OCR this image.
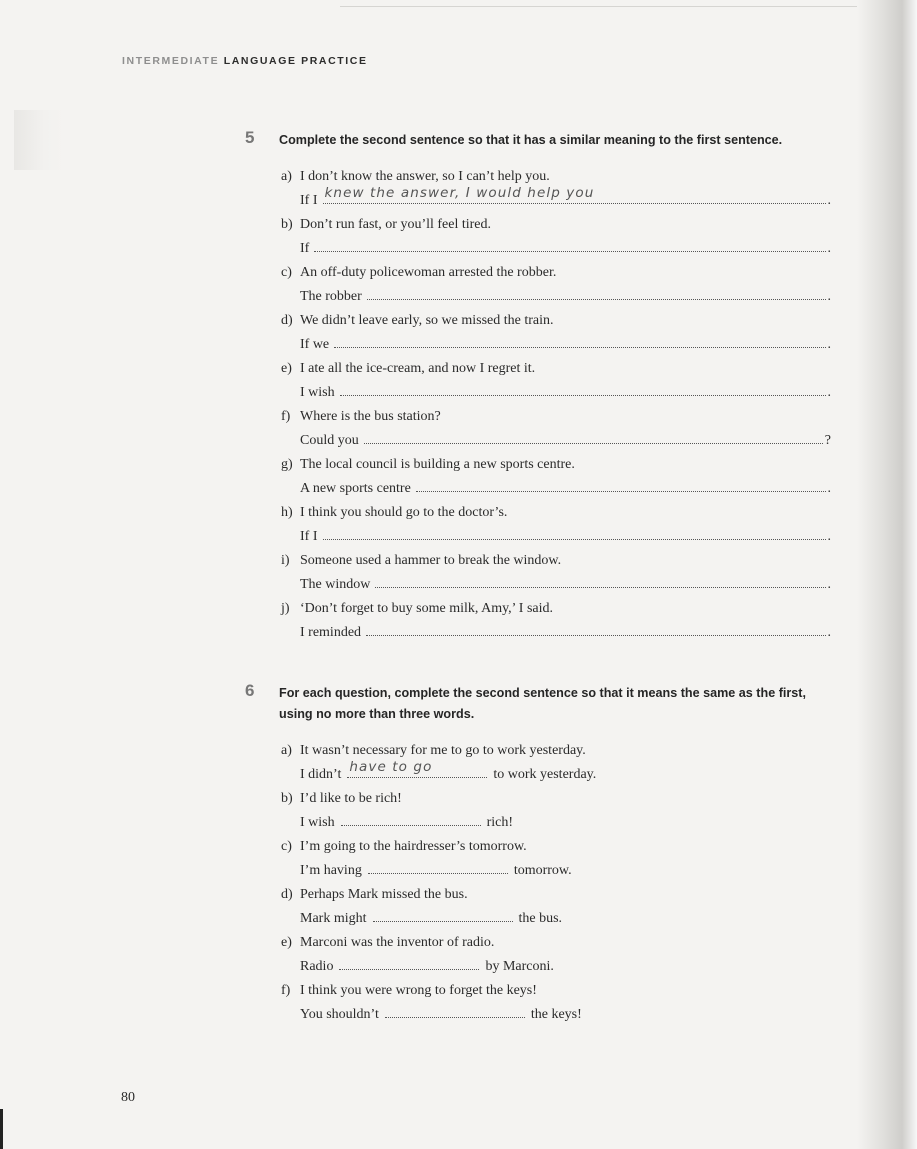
INTERMEDIATE LANGUAGE PRACTICE
5 Complete the second sentence so that it has a similar meaning to the first sentence.
a) I don’t know the answer, so I can’t help you.
If I knew the answer, I would help you	.
b) Don’t run fast, or you’ll feel tired.
If	.
c) An off-duty policewoman arrested the robber.
The robber	.
d) We didn’t leave early, so we missed the train.
If we	.
e) I ate all the ice-cream, and now I regret it.
I wish	.
f) Where is the bus station?
Could you	?
g) The local council is building a new sports centre.
A new sports centre	.
h) I think you should go to the doctor’s.
If I	.
i) Someone used a hammer to break the window.
The window	.
j) ‘Don’t forget to buy some milk, Amy,’ I said.
I reminded	.
6 For each question, complete the second sentence so that it means the same as the first, using no more than three words.
a) It wasn’t necessary for me to go to work yesterday.
I didn’t have to go	to work yesterday.
b) I’d like to be rich!
I wish	rich!
c) I’m going to the hairdresser’s tomorrow.
I’m having	tomorrow.
d) Perhaps Mark missed the bus.
Mark might	the bus.
e) Marconi was the inventor of radio.
Radio	by Marconi.
f) I think you were wrong to forget the keys!
You shouldn’t	the keys!
80
